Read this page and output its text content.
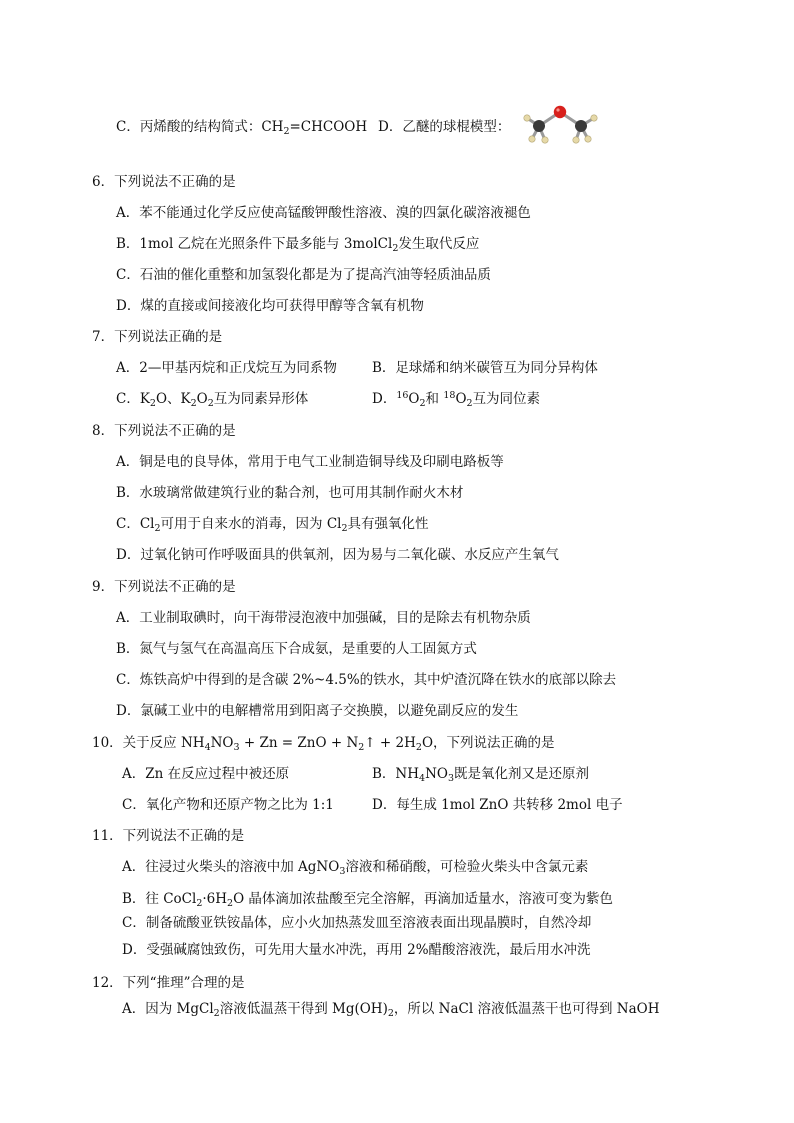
C．丙烯酸的结构简式：$CH_2=CHCOOH$ D．乙醚的球棍模型：
6．下列说法不正确的是
A．苯不能通过化学反应使高锰酸钾酸性溶液、溴的四氯化碳溶液褪色
B．1mol 乙烷在光照条件下最多能与 3molCl$_2$发生取代反应
C．石油的催化重整和加氢裂化都是为了提高汽油等轻质油品质
D．煤的直接或间接液化均可获得甲醇等含氧有机物
7．下列说法正确的是
A．2—甲基丙烷和正戊烷互为同系物	B．足球烯和纳米碳管互为同分异构体
C．$K_2O$、$K_2O_2$互为同素异形体	D．$^{16}O_2$和 $^{18}O_2$互为同位素
8．下列说法不正确的是
A．铜是电的良导体，常用于电气工业制造铜导线及印刷电路板等
B．水玻璃常做建筑行业的黏合剂，也可用其制作耐火木材
C．$Cl_2$可用于自来水的消毒，因为 $Cl_2$具有强氧化性
D．过氧化钠可作呼吸面具的供氧剂，因为易与二氧化碳、水反应产生氧气
9．下列说法不正确的是
A．工业制取碘时，向干海带浸泡液中加强碱，目的是除去有机物杂质
B．氮气与氢气在高温高压下合成氨，是重要的人工固氮方式
C．炼铁高炉中得到的是含碳 2%~4.5%的铁水，其中炉渣沉降在铁水的底部以除去
D．氯碱工业中的电解槽常用到阳离子交换膜，以避免副反应的发生
10．关于反应 $NH_4NO_3 + Zn$ = ZnO + $N_2↑ + 2H_2O$，下列说法正确的是
A．Zn 在反应过程中被还原	B．$NH_4NO_3$既是氧化剂又是还原剂
C．氧化产物和还原产物之比为 1:1	D．每生成 1mol ZnO 共转移 2mol 电子
11．下列说法不正确的是
A．往浸过火柴头的溶液中加 AgNO$_3$溶液和稀硝酸，可检验火柴头中含氯元素
B．往 $CoCl_2\cdot 6H_2O$ 晶体滴加浓盐酸至完全溶解，再滴加适量水，溶液可变为紫色
C．制备硫酸亚铁铵晶体，应小火加热蒸发皿至溶液表面出现晶膜时，自然冷却
D．受强碱腐蚀致伤，可先用大量水冲洗，再用 2%醋酸溶液洗，最后用水冲洗
12．下列“推理”合理的是
A．因为 MgCl$_2$溶液低温蒸干得到 $Mg(OH)_2$，所以 NaCl 溶液低温蒸干也可得到 NaOH
